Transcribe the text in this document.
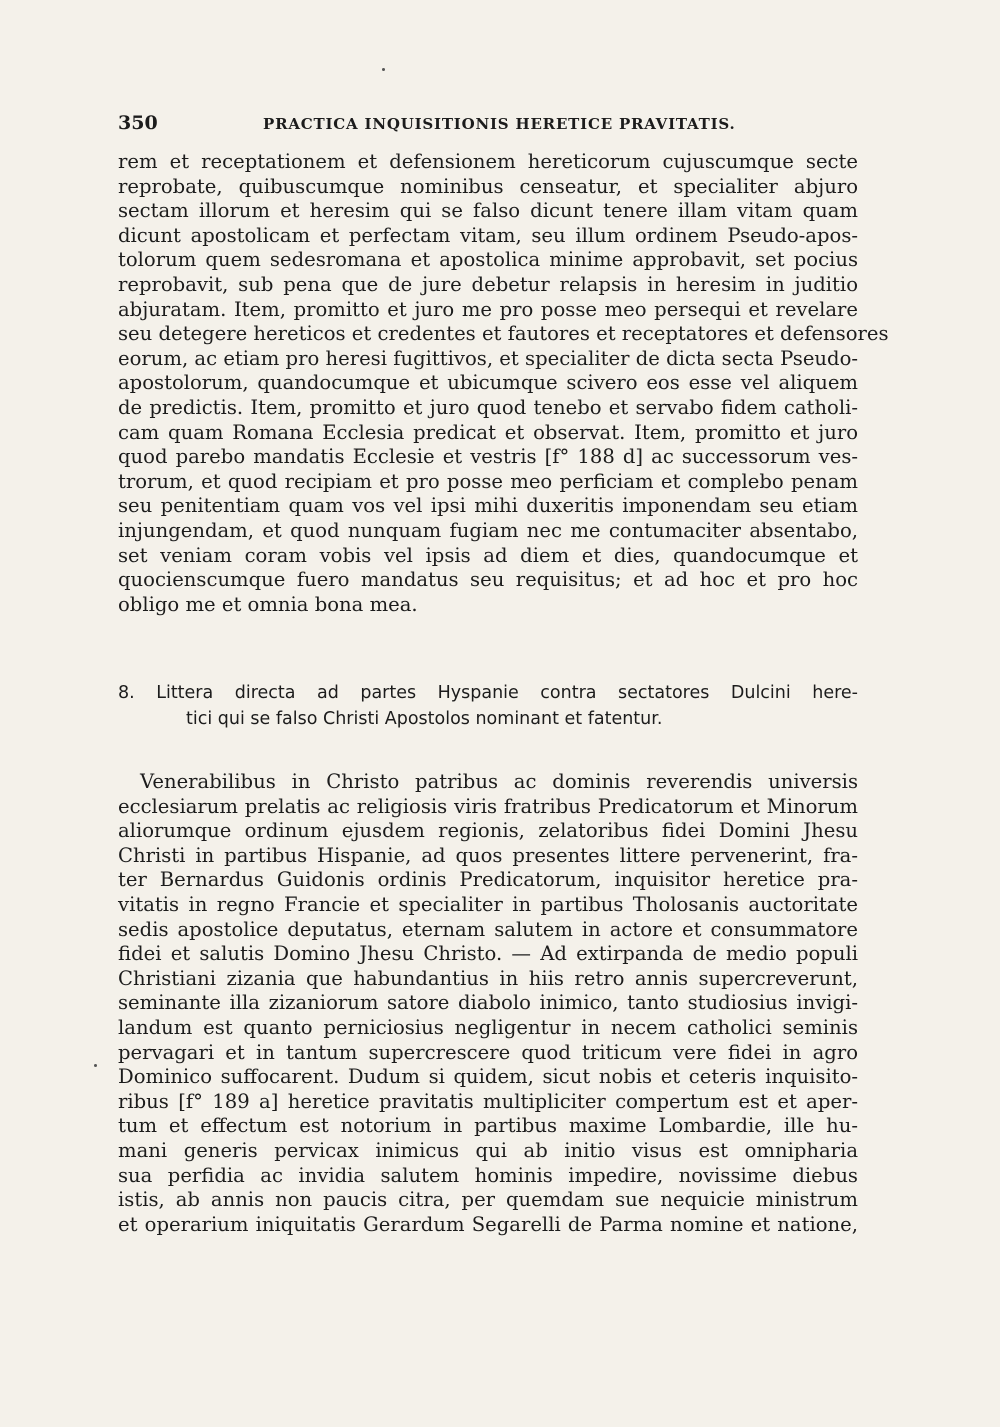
350	PRACTICA INQUISITIONIS HERETICE PRAVITATIS.
rem et receptationem et defensionem hereticorum cujuscumque secte
reprobate, quibuscumque nominibus censeatur, et specialiter abjuro
sectam illorum et heresim qui se falso dicunt tenere illam vitam quam
dicunt apostolicam et perfectam vitam, seu illum ordinem Pseudo-apos-
tolorum quem sedesromana et apostolica minime approbavit, set pocius
reprobavit, sub pena que de jure debetur relapsis in heresim in juditio
abjuratam. Item, promitto et juro me pro posse meo persequi et revelare
seu detegere hereticos et credentes et fautores et receptatores et defensores
eorum, ac etiam pro heresi fugittivos, et specialiter de dicta secta Pseudo-
apostolorum, quandocumque et ubicumque scivero eos esse vel aliquem
de predictis. Item, promitto et juro quod tenebo et servabo fidem catholi-
cam quam Romana Ecclesia predicat et observat. Item, promitto et juro
quod parebo mandatis Ecclesie et vestris [f° 188 d] ac successorum ves-
trorum, et quod recipiam et pro posse meo perficiam et complebo penam
seu penitentiam quam vos vel ipsi mihi duxeritis imponendam seu etiam
injungendam, et quod nunquam fugiam nec me contumaciter absentabo,
set veniam coram vobis vel ipsis ad diem et dies, quandocumque et
quocienscumque fuero mandatus seu requisitus; et ad hoc et pro hoc
obligo me et omnia bona mea.
8. Littera directa ad partes Hyspanie contra sectatores Dulcini here-
tici qui se falso Christi Apostolos nominant et fatentur.
Venerabilibus in Christo patribus ac dominis reverendis universis
ecclesiarum prelatis ac religiosis viris fratribus Predicatorum et Minorum
aliorumque ordinum ejusdem regionis, zelatoribus fidei Domini Jhesu
Christi in partibus Hispanie, ad quos presentes littere pervenerint, fra-
ter Bernardus Guidonis ordinis Predicatorum, inquisitor heretice pra-
vitatis in regno Francie et specialiter in partibus Tholosanis auctoritate
sedis apostolice deputatus, eternam salutem in actore et consummatore
fidei et salutis Domino Jhesu Christo. — Ad extirpanda de medio populi
Christiani zizania que habundantius in hiis retro annis supercreverunt,
seminante illa zizaniorum satore diabolo inimico, tanto studiosius invigi-
landum est quanto perniciosius negligentur in necem catholici seminis
pervagari et in tantum supercrescere quod triticum vere fidei in agro
Dominico suffocarent. Dudum si quidem, sicut nobis et ceteris inquisito-
ribus [f° 189 a] heretice pravitatis multipliciter compertum est et aper-
tum et effectum est notorium in partibus maxime Lombardie, ille hu-
mani generis pervicax inimicus qui ab initio visus est omnipharia
sua perfidia ac invidia salutem hominis impedire, novissime diebus
istis, ab annis non paucis citra, per quemdam sue nequicie ministrum
et operarium iniquitatis Gerardum Segarelli de Parma nomine et natione,
